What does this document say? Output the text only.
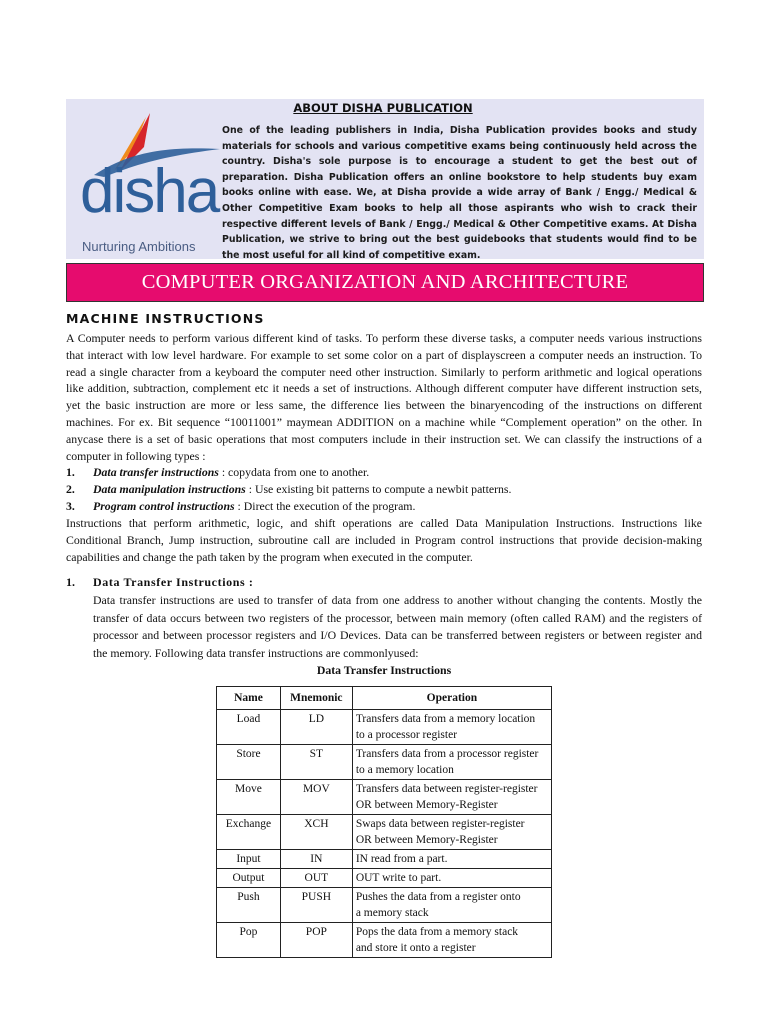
disha
Nurturing Ambitions
ABOUT DISHA PUBLICATION
One of the leading publishers in India, Disha Publication provides books and study materials for schools and various competitive exams being continuously held across the country. Disha's sole purpose is to encourage a student to get the best out of preparation. Disha Publication offers an online bookstore to help students buy exam books online with ease. We, at Disha provide a wide array of Bank / Engg./ Medical & Other Competitive Exam books to help all those aspirants who wish to crack their respective different levels of Bank / Engg./ Medical & Other Competitive exams. At Disha Publication, we strive to bring out the best guidebooks that students would find to be the most useful for all kind of competitive exam.
COMPUTER ORGANIZATION AND ARCHITECTURE
MACHINE INSTRUCTIONS
A Computer needs to perform various different kind of tasks. To perform these diverse tasks, a computer needs various instructions that interact with low level hardware. For example to set some color on a part of displayscreen a computer needs an instruction. To read a single character from a keyboard the computer need other instruction. Similarly to perform arithmetic and logical operations like addition, subtraction, complement etc it needs a set of instructions. Although different computer have different instruction sets, yet the basic instruction are more or less same, the difference lies between the binaryencoding of the instructions on different machines. For ex. Bit sequence “10011001” maymean ADDITION on a machine while “Complement operation” on the other. In anycase there is a set of basic operations that most computers include in their instruction set. We can classify the instructions of a computer in following types :
1. Data transfer instructions : copydata from one to another.
2. Data manipulation instructions : Use existing bit patterns to compute a newbit patterns.
3. Program control instructions : Direct the execution of the program.
Instructions that perform arithmetic, logic, and shift operations are called Data Manipulation Instructions. Instructions like Conditional Branch, Jump instruction, subroutine call are included in Program control instructions that provide decision-making capabilities and change the path taken by the program when executed in the computer.
1. Data Transfer Instructions :
Data transfer instructions are used to transfer of data from one address to another without changing the contents. Mostly the transfer of data occurs between two registers of the processor, between main memory (often called RAM) and the registers of processor and between processor registers and I/O Devices. Data can be transferred between registers or between register and the memory. Following data transfer instructions are commonlyused:
Data Transfer Instructions
Name	Mnemonic	Operation
Load	LD	Transfers data from a memory location
to a processor register

Store	ST	Transfers data from a processor register
to a memory location

Move	MOV	Transfers data between register-register
OR between Memory-Register

Exchange	XCH	Swaps data between register-register
OR between Memory-Register

Input	IN	IN read from a part.
Output	OUT	OUT write to part.
Push	PUSH	Pushes the data from a register onto
a memory stack

Pop	POP	Pops the data from a memory stack
and store it onto a register
